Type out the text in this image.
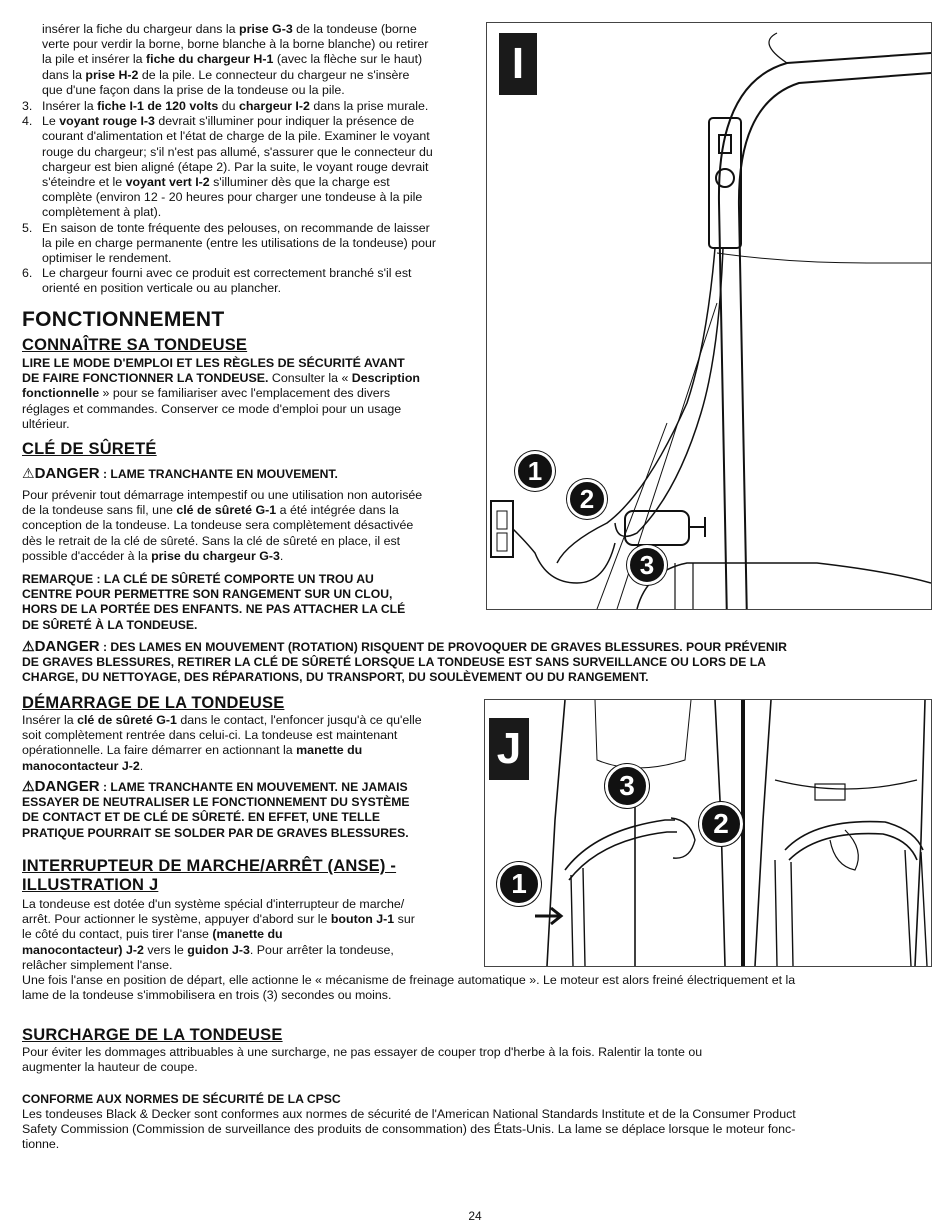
insérer la fiche du chargeur dans la prise G-3 de la tondeuse (borne
verte pour verdir la borne, borne blanche à la borne blanche) ou retirer
la pile et insérer la fiche du chargeur H-1 (avec la flèche sur le haut)
dans la prise H-2 de la pile. Le connecteur du chargeur ne s'insère
que d'une façon dans la prise de la tondeuse ou la pile.
3. Insérer la fiche I-1 de 120 volts du chargeur I-2 dans la prise murale.
4. Le voyant rouge I-3 devrait s'illuminer pour indiquer la présence de
courant d'alimentation et l'état de charge de la pile. Examiner le voyant
rouge du chargeur; s'il n'est pas allumé, s'assurer que le connecteur du
chargeur est bien aligné (étape 2). Par la suite, le voyant rouge devrait
s'éteindre et le voyant vert I-2 s'illuminer dès que la charge est
complète (environ 12 - 20 heures pour charger une tondeuse à la pile
complètement à plat).
5. En saison de tonte fréquente des pelouses, on recommande de laisser
la pile en charge permanente (entre les utilisations de la tondeuse) pour
optimiser le rendement.
6. Le chargeur fourni avec ce produit est correctement branché s'il est
orienté en position verticale ou au plancher.
FONCTIONNEMENT
CONNAÎTRE SA TONDEUSE
LIRE LE MODE D'EMPLOI ET LES RÈGLES DE SÉCURITÉ AVANT
DE FAIRE FONCTIONNER LA TONDEUSE. Consulter la « Description
fonctionnelle » pour se familiariser avec l'emplacement des divers
réglages et commandes. Conserver ce mode d'emploi pour un usage
ultérieur.
CLÉ DE SÛRETÉ
⚠DANGER : LAME TRANCHANTE EN MOUVEMENT.
Pour prévenir tout démarrage intempestif ou une utilisation non autorisée
de la tondeuse sans fil, une clé de sûreté G-1 a été intégrée dans la
conception de la tondeuse. La tondeuse sera complètement désactivée
dès le retrait de la clé de sûreté. Sans la clé de sûreté en place, il est
possible d'accéder à la prise du chargeur G-3.
REMARQUE : LA CLÉ DE SÛRETÉ COMPORTE UN TROU AU
CENTRE POUR PERMETTRE SON RANGEMENT SUR UN CLOU,
HORS DE LA PORTÉE DES ENFANTS. NE PAS ATTACHER LA CLÉ
DE SÛRETÉ À LA TONDEUSE.
⚠DANGER : DES LAMES EN MOUVEMENT (ROTATION) RISQUENT DE PROVOQUER DE GRAVES BLESSURES. POUR PRÉVENIR
DE GRAVES BLESSURES, RETIRER LA CLÉ DE SÛRETÉ LORSQUE LA TONDEUSE EST SANS SURVEILLANCE OU LORS DE LA
CHARGE, DU NETTOYAGE, DES RÉPARATIONS, DU TRANSPORT, DU SOULÈVEMENT OU DU RANGEMENT.
DÉMARRAGE DE LA TONDEUSE
Insérer la clé de sûreté G-1 dans le contact, l'enfoncer jusqu'à ce qu'elle
soit complètement rentrée dans celui-ci. La tondeuse est maintenant
opérationnelle. La faire démarrer en actionnant la manette du
manocontacteur J-2.
⚠DANGER : LAME TRANCHANTE EN MOUVEMENT. NE JAMAIS
ESSAYER DE NEUTRALISER LE FONCTIONNEMENT DU SYSTÈME
DE CONTACT ET DE CLÉ DE SÛRETÉ. EN EFFET, UNE TELLE
PRATIQUE POURRAIT SE SOLDER PAR DE GRAVES BLESSURES.
INTERRUPTEUR DE MARCHE/ARRÊT (ANSE) -
ILLUSTRATION J
La tondeuse est dotée d'un système spécial d'interrupteur de marche/
arrêt. Pour actionner le système, appuyer d'abord sur le bouton J-1 sur
le côté du contact, puis tirer l'anse (manette du
manocontacteur) J-2 vers le guidon J-3. Pour arrêter la tondeuse,
relâcher simplement l'anse.
Une fois l'anse en position de départ, elle actionne le « mécanisme de freinage automatique ». Le moteur est alors freiné électriquement et la
lame de la tondeuse s'immobilisera en trois (3) secondes ou moins.
SURCHARGE DE LA TONDEUSE
Pour éviter les dommages attribuables à une surcharge, ne pas essayer de couper trop d'herbe à la fois. Ralentir la tonte ou
augmenter la hauteur de coupe.
CONFORME AUX NORMES DE SÉCURITÉ DE LA CPSC
Les tondeuses Black & Decker sont conformes aux normes de sécurité de l'American National Standards Institute et de la Consumer Product
Safety Commission (Commission de surveillance des produits de consommation) des États-Unis. La lame se déplace lorsque le moteur fonc-
tionne.
24
I
1
2
3
J
1
2
3
